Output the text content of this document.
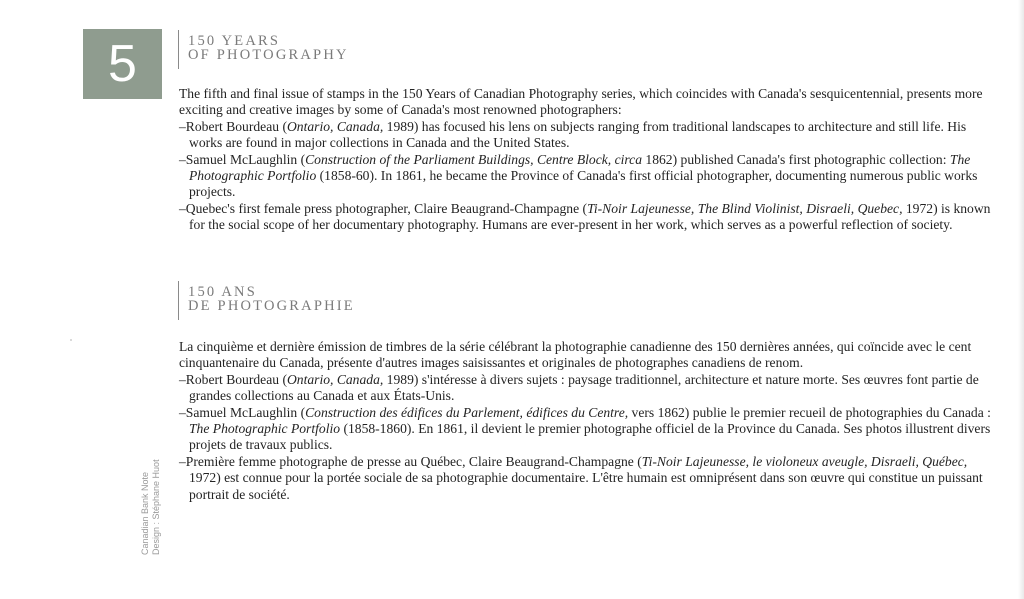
5	150 YEARS
OF PHOTOGRAPHY

The fifth and final issue of stamps in the 150 Years of Canadian Photography series, which coincides with Canada's sesquicentennial, presents more exciting and creative images by some of Canada's most renowned photographers:

–Robert Bourdeau (Ontario, Canada, 1989) has focused his lens on subjects ranging from traditional landscapes to architecture and still life. His works are found in major collections in Canada and the United States.
–Samuel McLaughlin (Construction of the Parliament Buildings, Centre Block, circa 1862) published Canada's first photographic collection: The Photographic Portfolio (1858-60). In 1861, he became the Province of Canada's first official photographer, documenting numerous public works projects.
–Quebec's first female press photographer, Claire Beaugrand-Champagne (Ti-Noir Lajeunesse, The Blind Violinist, Disraeli, Quebec, 1972) is known for the social scope of her documentary photography. Humans are ever-present in her work, which serves as a powerful reflection of society.
150 ANS
DE PHOTOGRAPHIE

La cinquième et dernière émission de timbres de la série célébrant la photographie canadienne des 150 dernières années, qui coïncide avec le cent cinquantenaire du Canada, présente d'autres images saisissantes et originales de photographes canadiens de renom.

–Robert Bourdeau (Ontario, Canada, 1989) s'intéresse à divers sujets : paysage traditionnel, architecture et nature morte. Ses œuvres font partie de grandes collections au Canada et aux États-Unis.
–Samuel McLaughlin (Construction des édifices du Parlement, édifices du Centre, vers 1862) publie le premier recueil de photographies du Canada : The Photographic Portfolio (1858-1860). En 1861, il devient le premier photographe officiel de la Province du Canada. Ses photos illustrent divers projets de travaux publics.
–Première femme photographe de presse au Québec, Claire Beaugrand-Champagne (Ti-Noir Lajeunesse, le violoneux aveugle, Disraeli, Québec, 1972) est connue pour la portée sociale de sa photographie documentaire. L'être humain est omniprésent dans son œuvre qui constitue un puissant portrait de société.
Canadian Bank Note Design : Stéphane Huot
